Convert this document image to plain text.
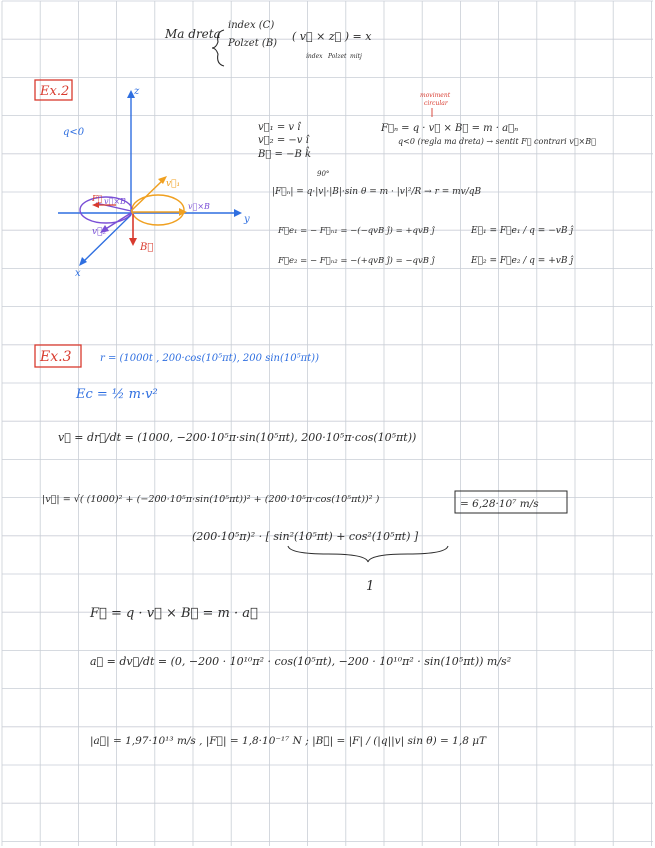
Ma dreta
index (C)
Polzet (B)
( v⃗ × z⃗ ) = x
índex Polzet mitj
Ex.2
q<0
z
y
x
v⃗₁
v⃗₂
v⃗×B
v⃗×B
F⃗
B⃗
moviment
circular
v⃗₁ = v î
v⃗₂ = −v î
B⃗ = −B k̂
F⃗ₙ = q · v⃗ × B⃗ = m · a⃗ₙ
q<0 (regla ma dreta) → sentit F⃗ contrari v⃗×B⃗
90°
|F⃗ₙ| = q·|v|·|B|·sin θ = m · |v|²/R → r = mv/qB
F⃗e₁ = − F⃗ₙ₁ = −(−qvB ĵ) = +qvB ĵ	E⃗₁ = F⃗e₁ / q = −vB ĵ
F⃗e₂ = − F⃗ₙ₂ = −(+qvB ĵ) = −qvB ĵ	E⃗₂ = F⃗e₂ / q = +vB ĵ
Ex.3	r = (1000t , 200·cos(10⁵πt), 200 sin(10⁵πt))
Ec = ½ m·v²
v⃗ = dr⃗/dt = (1000, −200·10⁵π·sin(10⁵πt), 200·10⁵π·cos(10⁵πt))
|v⃗| = √( (1000)² + (−200·10⁵π·sin(10⁵πt))² + (200·10⁵π·cos(10⁵πt))² )	= 6,28·10⁷ m/s
(200·10⁵π)² · [ sin²(10⁵πt) + cos²(10⁵πt) ]
1
F⃗ = q · v⃗ × B⃗ = m · a⃗
a⃗ = dv⃗/dt = (0, −200 · 10¹⁰π² · cos(10⁵πt), −200 · 10¹⁰π² · sin(10⁵πt)) m/s²
|a⃗| = 1,97·10¹³ m/s , |F⃗| = 1,8·10⁻¹⁷ N ; |B⃗| = |F| / (|q||v| sin θ) = 1,8 μT
